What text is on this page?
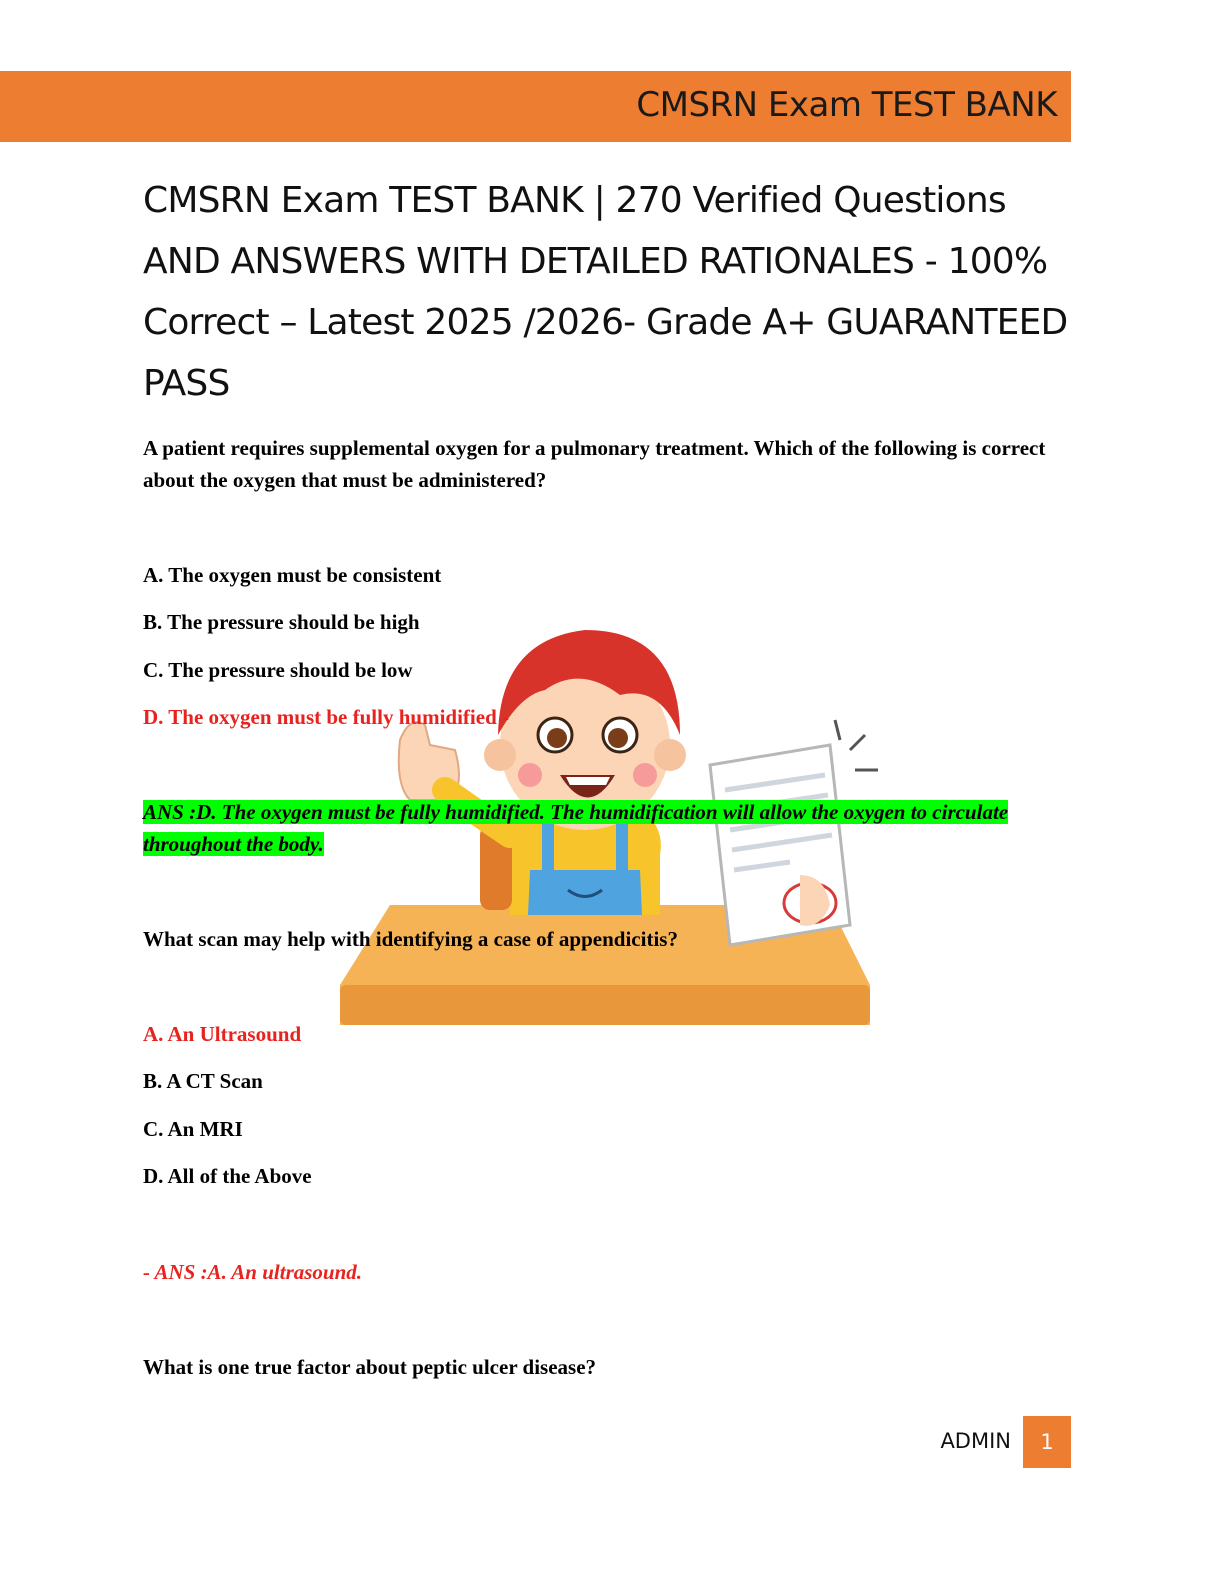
CMSRN Exam TEST BANK
CMSRN Exam TEST BANK | 270 Verified Questions AND ANSWERS WITH DETAILED RATIONALES - 100% Correct – Latest 2025 /2026- Grade A+ GUARANTEED PASS
A patient requires supplemental oxygen for a pulmonary treatment. Which of the following is correct about the oxygen that must be administered?
A. The oxygen must be consistent
B. The pressure should be high
C. The pressure should be low
D. The oxygen must be fully humidified -
ANS :D. The oxygen must be fully humidified. The humidification will allow the oxygen to circulate throughout the body.
What scan may help with identifying a case of appendicitis?
A. An Ultrasound
B. A CT Scan
C. An MRI
D. All of the Above
- ANS :A. An ultrasound.
What is one true factor about peptic ulcer disease?
ADMIN 1
